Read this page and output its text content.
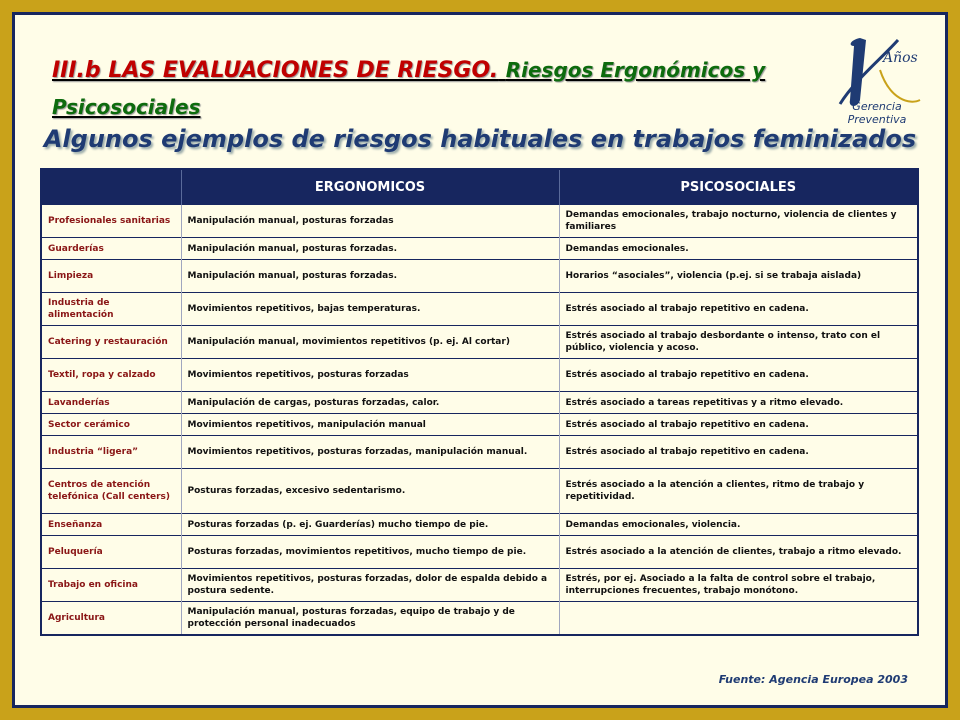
III.b LAS EVALUACIONES DE RIESGO. Riesgos Ergonómicos y
Psicosociales
Algunos ejemplos de riesgos habituales en trabajos feminizados
Años
Gerencia Preventiva
	ERGONOMICOS	PSICOSOCIALES
Profesionales sanitarias	Manipulación manual, posturas forzadas	Demandas emocionales, trabajo nocturno, violencia de clientes y familiares
Guarderías	Manipulación manual, posturas forzadas.	Demandas emocionales.
Limpieza	Manipulación manual, posturas forzadas.	Horarios “asociales”, violencia (p.ej. si se trabaja aislada)
Industria de alimentación	Movimientos repetitivos, bajas temperaturas.	Estrés asociado al trabajo repetitivo en cadena.
Catering y restauración	Manipulación manual, movimientos repetitivos (p. ej. Al cortar)	Estrés asociado al trabajo desbordante o intenso, trato con el público, violencia y acoso.
Textil, ropa y calzado	Movimientos repetitivos, posturas forzadas	Estrés asociado al trabajo repetitivo en cadena.
Lavanderías	Manipulación de cargas, posturas forzadas, calor.	Estrés asociado a tareas repetitivas y a ritmo elevado.
Sector cerámico	Movimientos repetitivos, manipulación manual	Estrés asociado al trabajo repetitivo en cadena.
Industria “ligera”	Movimientos repetitivos, posturas forzadas, manipulación manual.	Estrés asociado al trabajo repetitivo en cadena.
Centros de atención telefónica (Call centers)	Posturas forzadas, excesivo sedentarismo.	Estrés asociado a la atención a clientes, ritmo de trabajo y repetitividad.
Enseñanza	Posturas forzadas (p. ej. Guarderías) mucho tiempo de pie.	Demandas emocionales, violencia.
Peluquería	Posturas forzadas, movimientos repetitivos, mucho tiempo de pie.	Estrés asociado a la atención de clientes, trabajo a ritmo elevado.
Trabajo en oficina	Movimientos repetitivos, posturas forzadas, dolor de espalda debido a postura sedente.	Estrés, por ej. Asociado a la falta de control sobre el trabajo, interrupciones frecuentes, trabajo monótono.
Agricultura	Manipulación manual, posturas forzadas, equipo de trabajo y de protección personal inadecuados	
Fuente: Agencia Europea 2003
